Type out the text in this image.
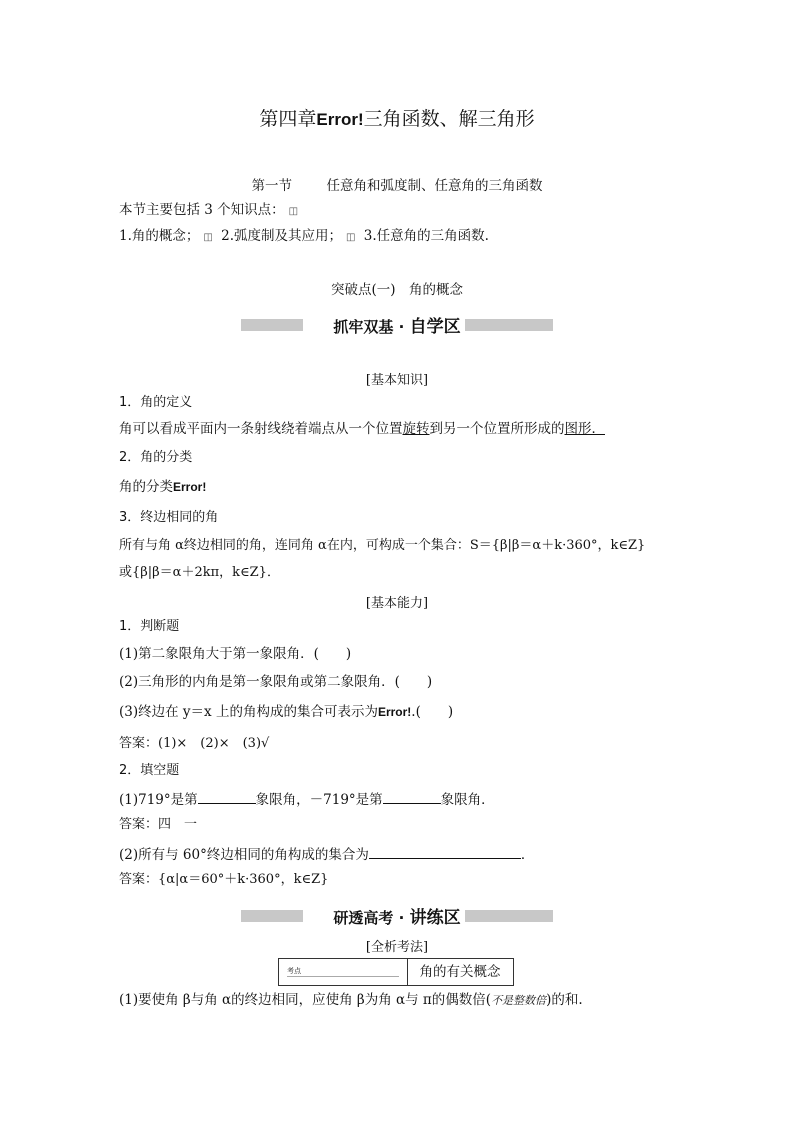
第四章Error!三角函数、解三角形
第一节	任意角和弧度制、任意角的三角函数
本节主要包括 3 个知识点： ◫
1.角的概念； ◫ 2.弧度制及其应用； ◫ 3.任意角的三角函数.
突破点(一)　角的概念
抓牢双基 · 自学区
[基本知识]
1．角的定义
角可以看成平面内一条射线绕着端点从一个位置旋转到另一个位置所形成的图形．
2．角的分类
角的分类Error!
3．终边相同的角
所有与角 α终边相同的角，连同角 α在内，可构成一个集合：S＝{β|β＝α＋k·360°，k∈Z}
或{β|β＝α＋2kπ，k∈Z}．
[基本能力]
1．判断题
(1)第二象限角大于第一象限角．(　　)
(2)三角形的内角是第一象限角或第二象限角．(　　)
(3)终边在 y＝x 上的角构成的集合可表示为Error!.(　　)
答案：(1)×　(2)×　(3)√
2．填空题
(1)719°是第	象限角，－719°是第	象限角．
答案：四　一
(2)所有与 60°终边相同的角构成的集合为	．
答案：{α|α＝60°＋k·360°，k∈Z}
研透高考 · 讲练区
[全析考法]
考点	角的有关概念
(1)要使角 β与角 α的终边相同，应使角 β为角 α与 π的偶数倍(不是整数倍)的和.
